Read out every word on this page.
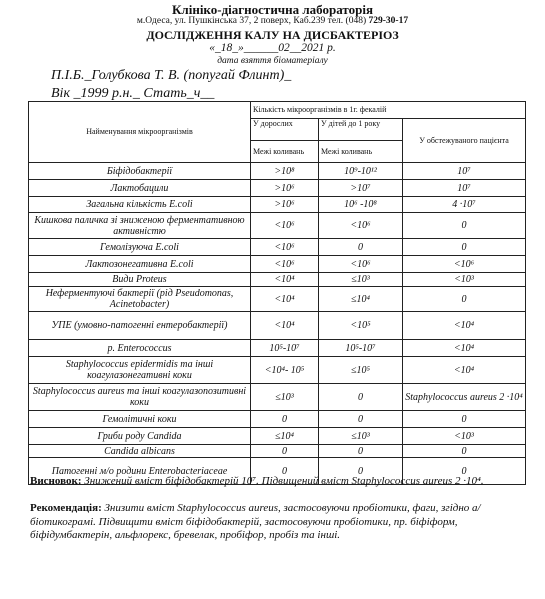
Клініко-діагностична лабораторія
м.Одеса, ул. Пушкінська 37, 2 поверх, Каб.239 тел. (048) 729-30-17
ДОСЛІДЖЕННЯ КАЛУ НА ДИСБАКТЕРІОЗ
«_18_»______02__2021 р.
дата взяття біоматеріалу
П.І.Б._Голубкова Т. В. (попугай Флинт)_
Вік _1999 р.н._ Стать_ч__
Найменування мікроорганізмів	Кількість мікроорганізмів в 1г. фекалій		
	У дорослих	У дітей до 1 року	У обстежуваного пацієнта
	Межі коливань	Межі коливань	
Біфідобактерії	>10⁸	10⁹-10¹²	10⁷
Лактобацили	>10⁶	>10⁷	10⁷
Загальна кількість E.coli	>10⁶	10⁶ -10⁸	4 ·10⁷
Кишкова паличка зі зниженою ферментативною активністю	<10⁶	<10⁶	0
Гемолізуюча E.coli	<10⁶	0	0
Лактозонегативна E.coli	<10⁶	<10⁶	<10⁶
Види Proteus	<10⁴	≤10³	<10³
Неферментуючі бактерії (рід Pseudomonas, Acinetobacter)	<10⁴	≤10⁴	0
УПЕ (умовно-патогенні ентеробактерії)	<10⁴	<10⁵	<10⁴
р. Enterococcus	10⁵-10⁷	10⁵-10⁷	<10⁴
Staphylococcus epidermidis та інші коагулазонегативні коки	<10⁴- 10⁵	≤10⁵	<10⁴
Staphylococcus aureus та інші коагулазопозитивні коки	≤10³	0	Staphylococcus aureus 2 ·10⁴
Гемолітичні коки	0	0	0
Гриби роду Candida	≤10⁴	≤10³	<10³
Candida albicans	0	0	0
Патогенні м/о родини Enterobacteriaceae	0	0	0
Висновок: Знижений вміст біфідобактерій 10⁷. Підвищений вміст Staphylococcus aureus 2 ·10⁴.
Рекомендація: Знизити вміст Staphylococcus aureus, застосовуючи пробіотики, фаги, згідно а/біотикограмі. Підвищити вміст біфідобактерій, застосовуючи пробіотики, пр. біфіформ, біфідумбактерін, альфлорекс, бревелак, пробіфор, пробіз та інші.
